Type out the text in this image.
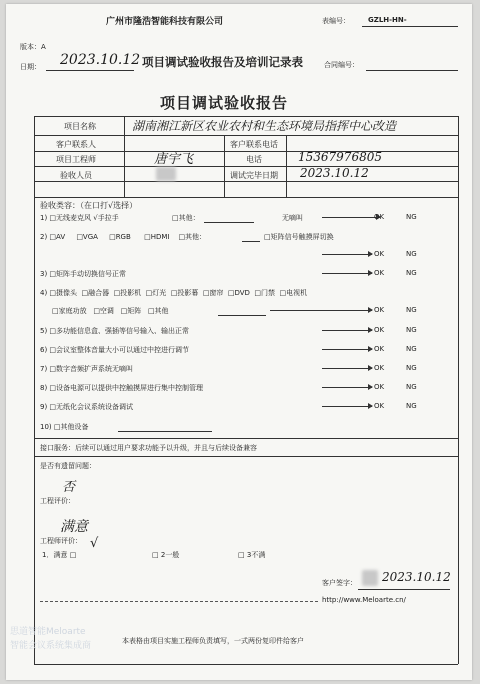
广州市隆浩智能科技有限公司	表编号：	GZLH-HN-
版本：A
日期： 2023.10.12 项目调试验收报告及培训记录表	合同编号：
项目调试验收报告
项目名称	湖南湘江新区农业农村和生态环境局指挥中心改造
客户联系人	客户联系电话
项目工程师	唐宇飞	电话	15367976805
验收人员	调试完毕日期 2023.10.12
验收类容：（在口打√选择）
1) □无线麦克风 √手拉手	□其他：	无嘀叫	OK	NG
2) □AV □VGA □RGB □HDMI □其他：	□矩阵信号触摸屏切换
OK	NG
3) □矩阵手动切换信号正常	OK	NG
4) □摄像头 □融合器 □投影机 □灯光 □投影幕 □窗帘 □DVD □门禁 □电视机
□家庭功放 □空调 □矩阵 □其他	OK	NG
5) □多功能信息盒、强插等信号输入、输出正常	OK	NG
6) □会议室整体音量大小可以通过中控进行调节	OK	NG
7) □数字音频扩声系统无嘀叫	OK	NG
8) □设备电源可以提供中控触摸屏进行集中控制管理	OK	NG
9) □无纸化会议系统设备调试	OK	NG
10) □其他设备
接口服务：后续可以通过用户要求功能予以升级，并且与后续设备兼容
是否有遗留问题：
否
工程评价：
满意
工程师评价： √
1．满意 □	□ 2一般	□ 3不满
客户签字： 2023.10.12
http://www.Meloarte.cn/
思道智能Meloarte
智能会议系统集成商	本表格由项目实施工程师负责填写，一式两份复印件给客户
